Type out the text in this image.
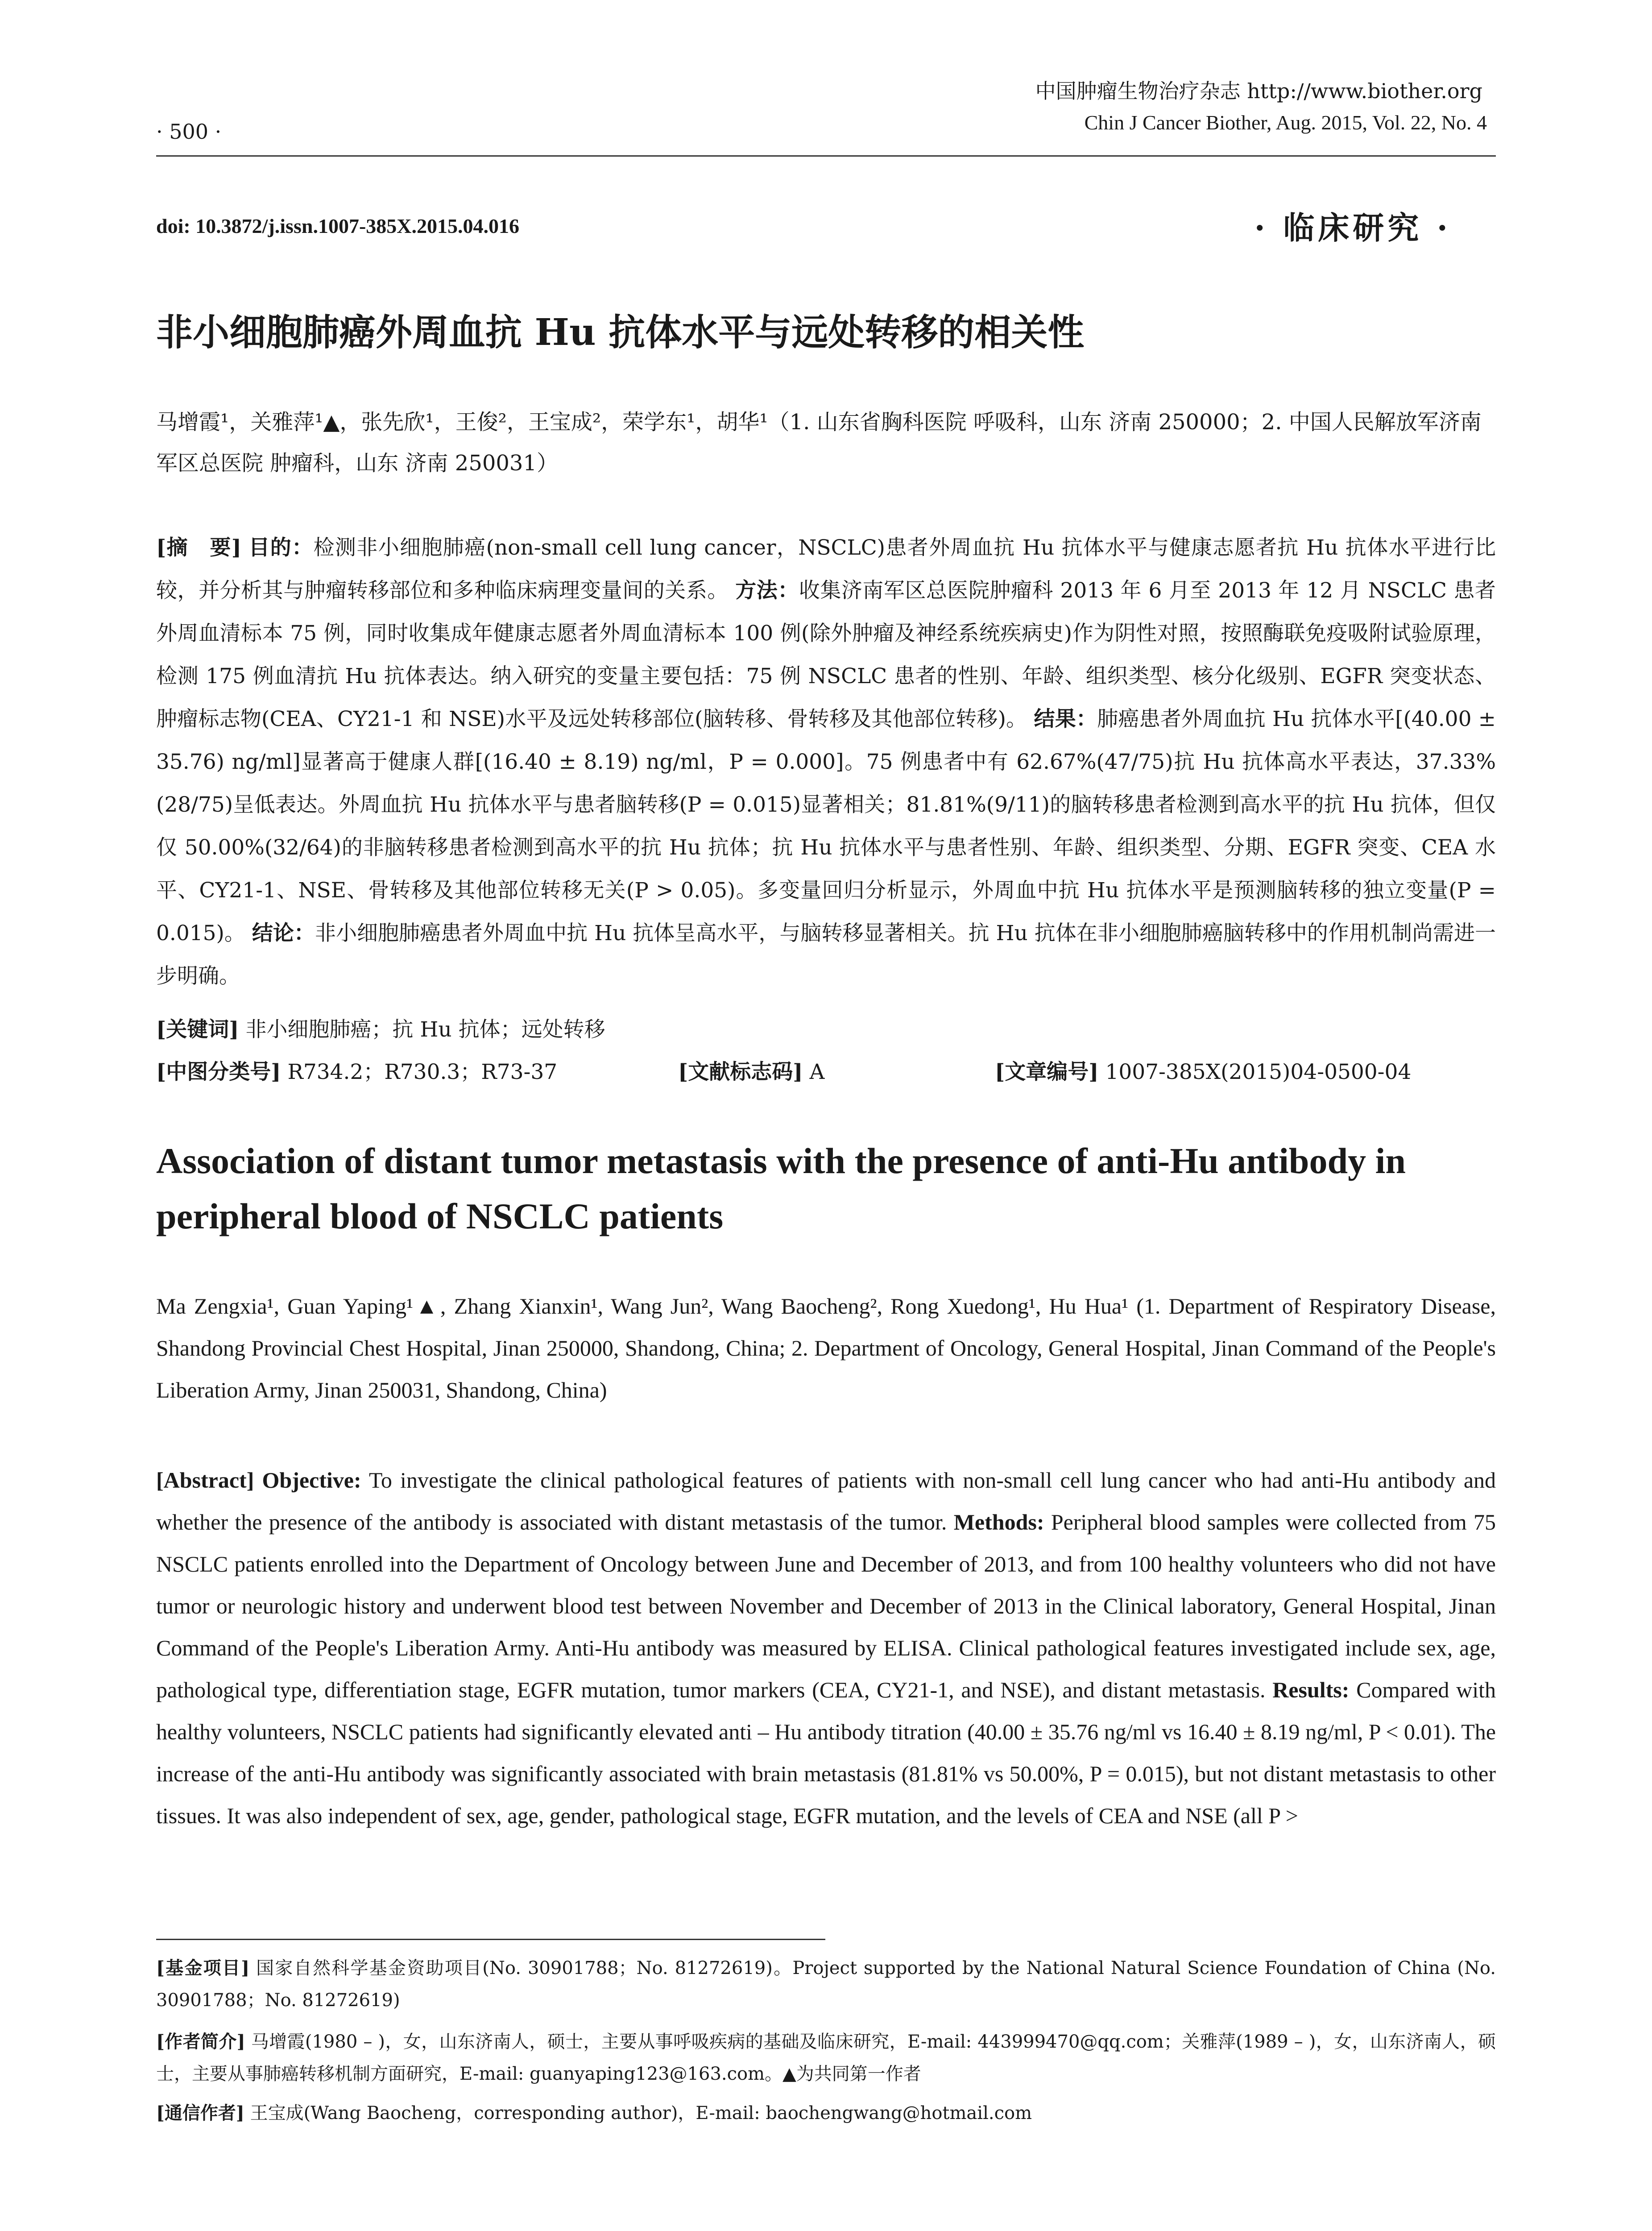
中国肿瘤生物治疗杂志 http://www.biother.org
Chin J Cancer Biother, Aug. 2015, Vol. 22, No. 4
· 500 ·
doi: 10.3872/j.issn.1007-385X.2015.04.016	· 临床研究 ·
非小细胞肺癌外周血抗 Hu 抗体水平与远处转移的相关性
马增霞¹，关雅萍¹▲，张先欣¹，王俊²，王宝成²，荣学东¹，胡华¹（1. 山东省胸科医院 呼吸科，山东 济南 250000；2. 中国人民解放军济南军区总医院 肿瘤科，山东 济南 250031）
[摘　要] 目的：检测非小细胞肺癌(non-small cell lung cancer，NSCLC)患者外周血抗 Hu 抗体水平与健康志愿者抗 Hu 抗体水平进行比较，并分析其与肿瘤转移部位和多种临床病理变量间的关系。 方法：收集济南军区总医院肿瘤科 2013 年 6 月至 2013 年 12 月 NSCLC 患者外周血清标本 75 例，同时收集成年健康志愿者外周血清标本 100 例(除外肿瘤及神经系统疾病史)作为阴性对照，按照酶联免疫吸附试验原理，检测 175 例血清抗 Hu 抗体表达。纳入研究的变量主要包括：75 例 NSCLC 患者的性别、年龄、组织类型、核分化级别、EGFR 突变状态、肿瘤标志物(CEA、CY21-1 和 NSE)水平及远处转移部位(脑转移、骨转移及其他部位转移)。 结果：肺癌患者外周血抗 Hu 抗体水平[(40.00 ± 35.76) ng/ml]显著高于健康人群[(16.40 ± 8.19) ng/ml，P = 0.000]。75 例患者中有 62.67%(47/75)抗 Hu 抗体高水平表达，37.33%(28/75)呈低表达。外周血抗 Hu 抗体水平与患者脑转移(P = 0.015)显著相关；81.81%(9/11)的脑转移患者检测到高水平的抗 Hu 抗体，但仅仅 50.00%(32/64)的非脑转移患者检测到高水平的抗 Hu 抗体；抗 Hu 抗体水平与患者性别、年龄、组织类型、分期、EGFR 突变、CEA 水平、CY21-1、NSE、骨转移及其他部位转移无关(P > 0.05)。多变量回归分析显示，外周血中抗 Hu 抗体水平是预测脑转移的独立变量(P = 0.015)。 结论：非小细胞肺癌患者外周血中抗 Hu 抗体呈高水平，与脑转移显著相关。抗 Hu 抗体在非小细胞肺癌脑转移中的作用机制尚需进一步明确。
[关键词] 非小细胞肺癌；抗 Hu 抗体；远处转移
[中图分类号] R734.2；R730.3；R73-37	[文献标志码] A	[文章编号] 1007-385X(2015)04-0500-04
Association of distant tumor metastasis with the presence of anti-Hu antibody in peripheral blood of NSCLC patients
Ma Zengxia¹, Guan Yaping¹▲, Zhang Xianxin¹, Wang Jun², Wang Baocheng², Rong Xuedong¹, Hu Hua¹ (1. Department of Respiratory Disease, Shandong Provincial Chest Hospital, Jinan 250000, Shandong, China; 2. Department of Oncology, General Hospital, Jinan Command of the People's Liberation Army, Jinan 250031, Shandong, China)
[Abstract] Objective: To investigate the clinical pathological features of patients with non-small cell lung cancer who had anti-Hu antibody and whether the presence of the antibody is associated with distant metastasis of the tumor. Methods: Peripheral blood samples were collected from 75 NSCLC patients enrolled into the Department of Oncology between June and December of 2013, and from 100 healthy volunteers who did not have tumor or neurologic history and underwent blood test between November and December of 2013 in the Clinical laboratory, General Hospital, Jinan Command of the People's Liberation Army. Anti-Hu antibody was measured by ELISA. Clinical pathological features investigated include sex, age, pathological type, differentiation stage, EGFR mutation, tumor markers (CEA, CY21-1, and NSE), and distant metastasis. Results: Compared with healthy volunteers, NSCLC patients had significantly elevated anti – Hu antibody titration (40.00 ± 35.76 ng/ml vs 16.40 ± 8.19 ng/ml, P < 0.01). The increase of the anti-Hu antibody was significantly associated with brain metastasis (81.81% vs 50.00%, P = 0.015), but not distant metastasis to other tissues. It was also independent of sex, age, gender, pathological stage, EGFR mutation, and the levels of CEA and NSE (all P >
[基金项目] 国家自然科学基金资助项目(No. 30901788；No. 81272619)。Project supported by the National Natural Science Foundation of China (No. 30901788；No. 81272619)
[作者简介] 马增霞(1980 – )，女，山东济南人，硕士，主要从事呼吸疾病的基础及临床研究，E-mail: 443999470@qq.com；关雅萍(1989 – )，女，山东济南人，硕士，主要从事肺癌转移机制方面研究，E-mail: guanyaping123@163.com。▲为共同第一作者
[通信作者] 王宝成(Wang Baocheng，corresponding author)，E-mail: baochengwang@hotmail.com
